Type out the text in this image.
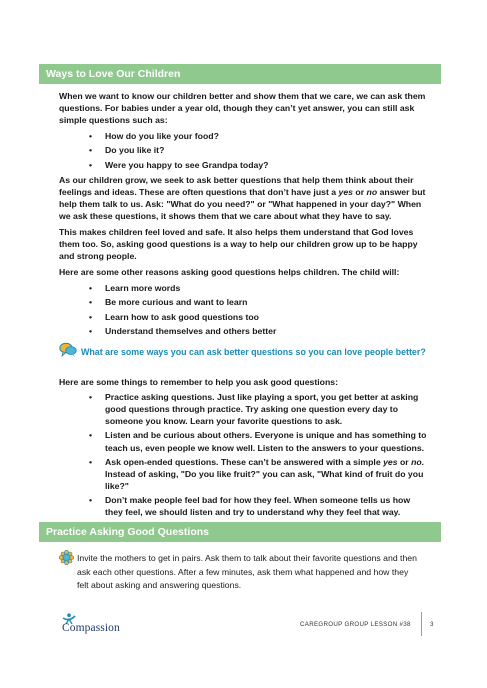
Ways to Love Our Children

When we want to know our children better and show them that we care, we can ask them questions. For babies under a year old, though they can’t yet answer, you can still ask simple questions such as:

• How do you like your food?
• Do you like it?
• Were you happy to see Grandpa today?

As our children grow, we seek to ask better questions that help them think about their feelings and ideas. These are often questions that don’t have just a yes or no answer but help them talk to us. Ask: "What do you need?" or "What happened in your day?" When we ask these questions, it shows them that we care about what they have to say.

This makes children feel loved and safe. It also helps them understand that God loves them too. So, asking good questions is a way to help our children grow up to be happy and strong people.

Here are some other reasons asking good questions helps children. The child will:

• Learn more words
• Be more curious and want to learn
• Learn how to ask good questions too
• Understand themselves and others better
What are some ways you can ask better questions so you can love people better?

Here are some things to remember to help you ask good questions:

• Practice asking questions. Just like playing a sport, you get better at asking good questions through practice. Try asking one question every day to someone you know. Learn your favorite questions to ask.
• Listen and be curious about others. Everyone is unique and has something to teach us, even people we know well. Listen to the answers to your questions.
• Ask open-ended questions. These can’t be answered with a simple yes or no. Instead of asking, "Do you like fruit?" you can ask, "What kind of fruit do you like?"
• Don’t make people feel bad for how they feel. When someone tells us how they feel, we should listen and try to understand why they feel that way.
Practice Asking Good Questions

Invite the mothers to get in pairs. Ask them to talk about their favorite questions and then ask each other questions. After a few minutes, ask them what happened and how they felt about asking and answering questions.

Compassion	CAREGROUP GROUP LESSON #38	3
